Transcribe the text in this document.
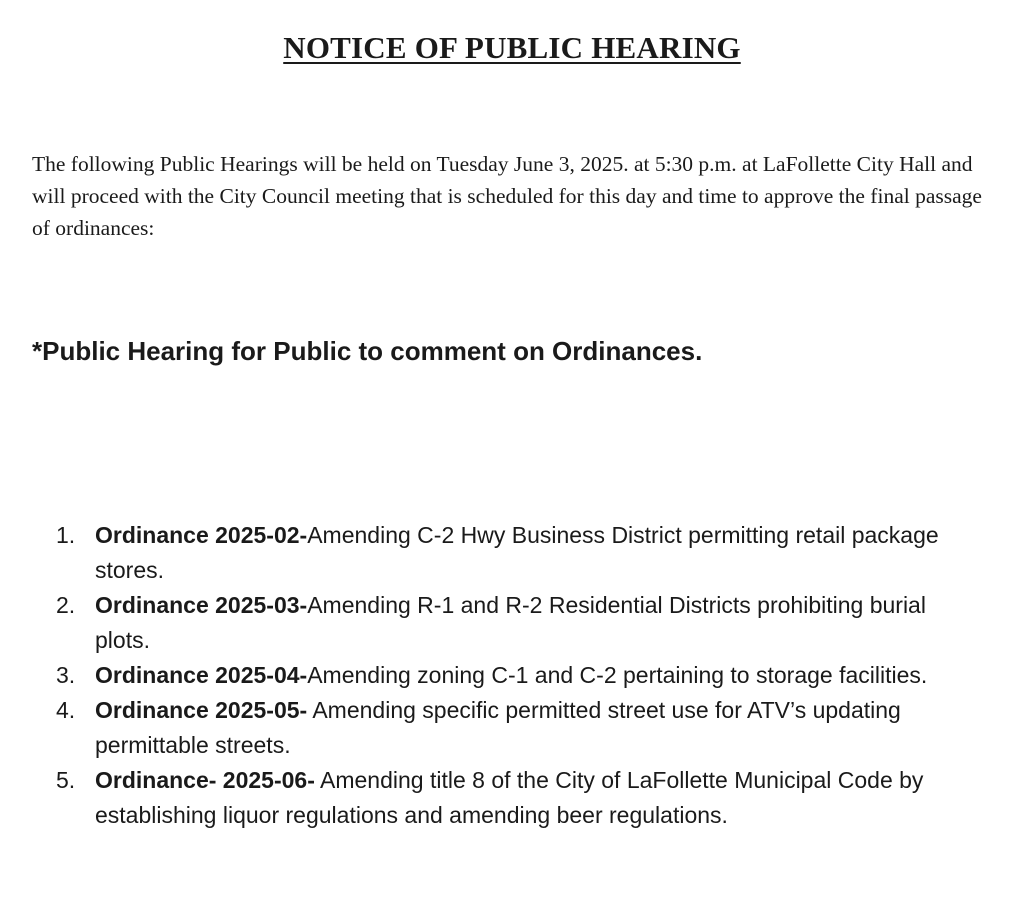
NOTICE OF PUBLIC HEARING

The following Public Hearings will be held on Tuesday June 3, 2025. at 5:30 p.m. at LaFollette City Hall and will proceed with the City Council meeting that is scheduled for this day and time to approve the final passage of ordinances:

*Public Hearing for Public to comment on Ordinances.

1. Ordinance 2025-02-Amending C-2 Hwy Business District permitting retail package stores.
2. Ordinance 2025-03-Amending R-1 and R-2 Residential Districts prohibiting burial plots.
3. Ordinance 2025-04-Amending zoning C-1 and C-2 pertaining to storage facilities.
4. Ordinance 2025-05- Amending specific permitted street use for ATV’s updating permittable streets.
5. Ordinance- 2025-06- Amending title 8 of the City of LaFollette Municipal Code by establishing liquor regulations and amending beer regulations.
